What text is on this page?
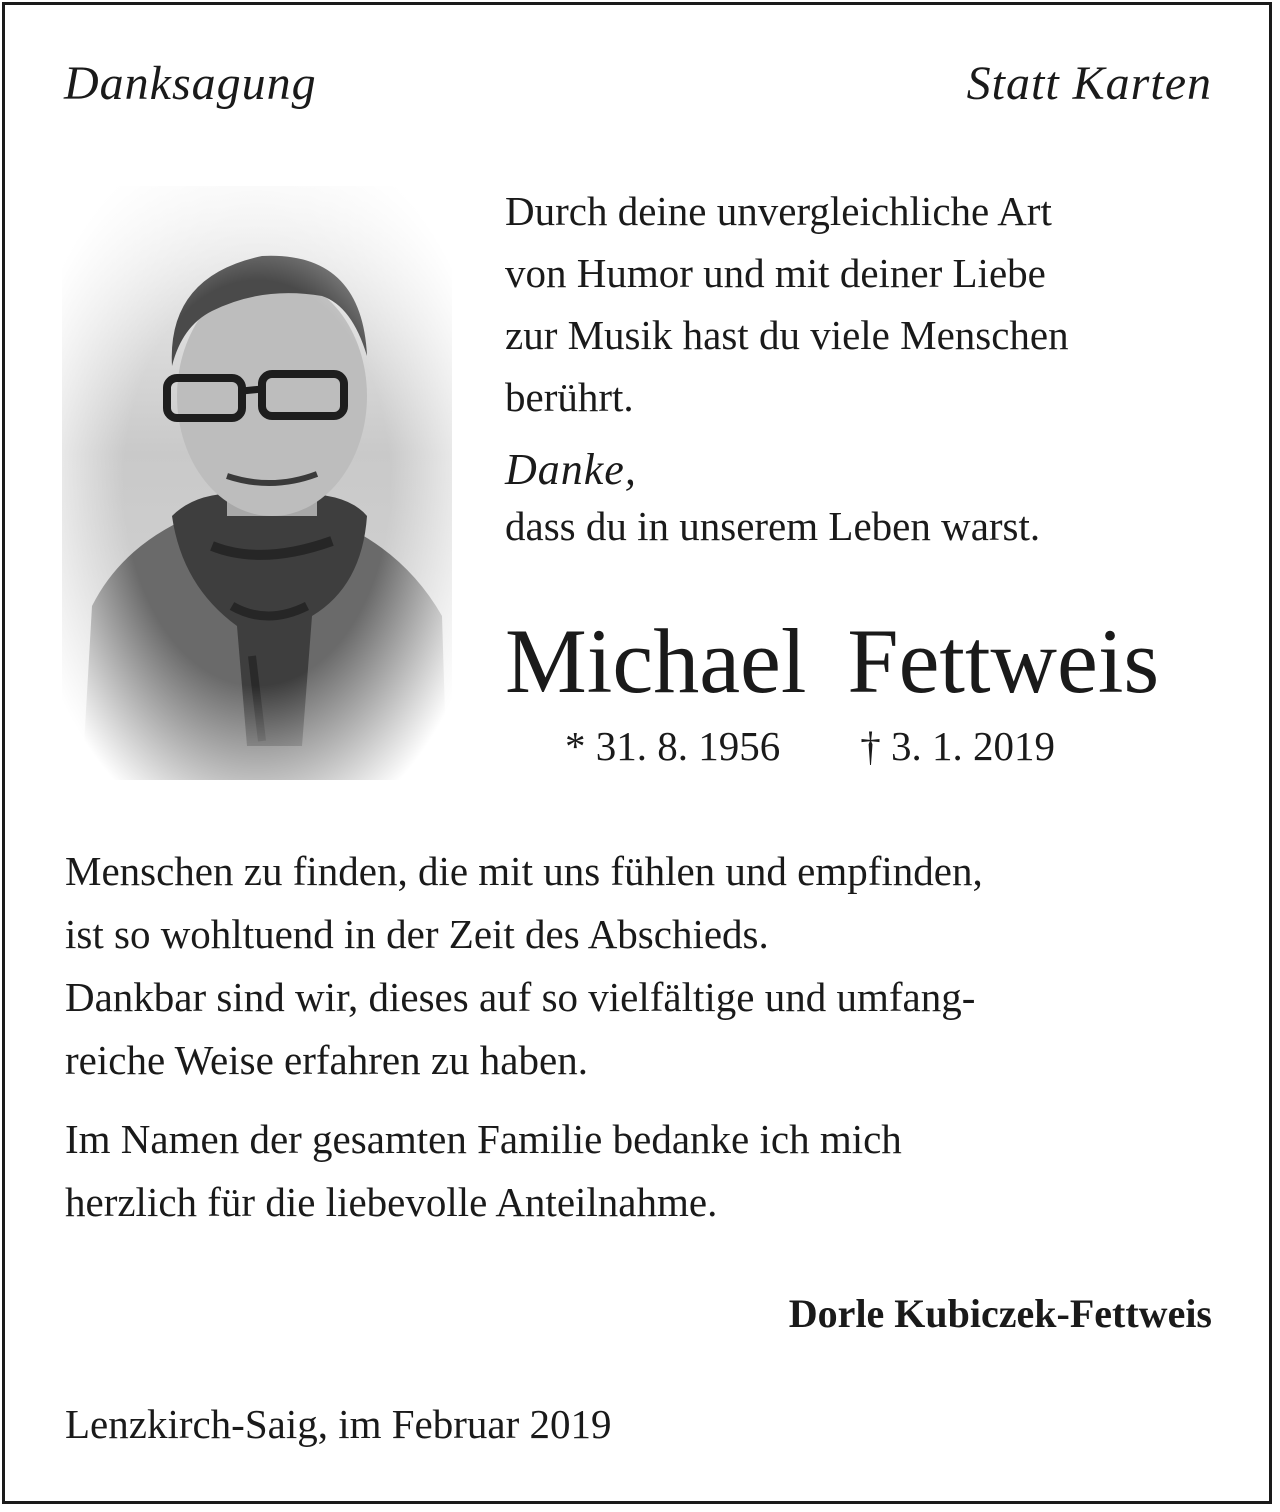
Danksagung	Statt Karten

Durch deine unvergleichliche Art
von Humor und mit deiner Liebe
zur Musik hast du viele Menschen
berührt.

Danke,

dass du in unserem Leben warst.

Michael Fettweis
* 31. 8. 1956 † 3. 1. 2019

Menschen zu finden, die mit uns fühlen und empfinden,
ist so wohltuend in der Zeit des Abschieds.
Dankbar sind wir, dieses auf so vielfältige und umfang-
reiche Weise erfahren zu haben.

Im Namen der gesamten Familie bedanke ich mich
herzlich für die liebevolle Anteilnahme.

Dorle Kubiczek-Fettweis
Lenzkirch-Saig, im Februar 2019
